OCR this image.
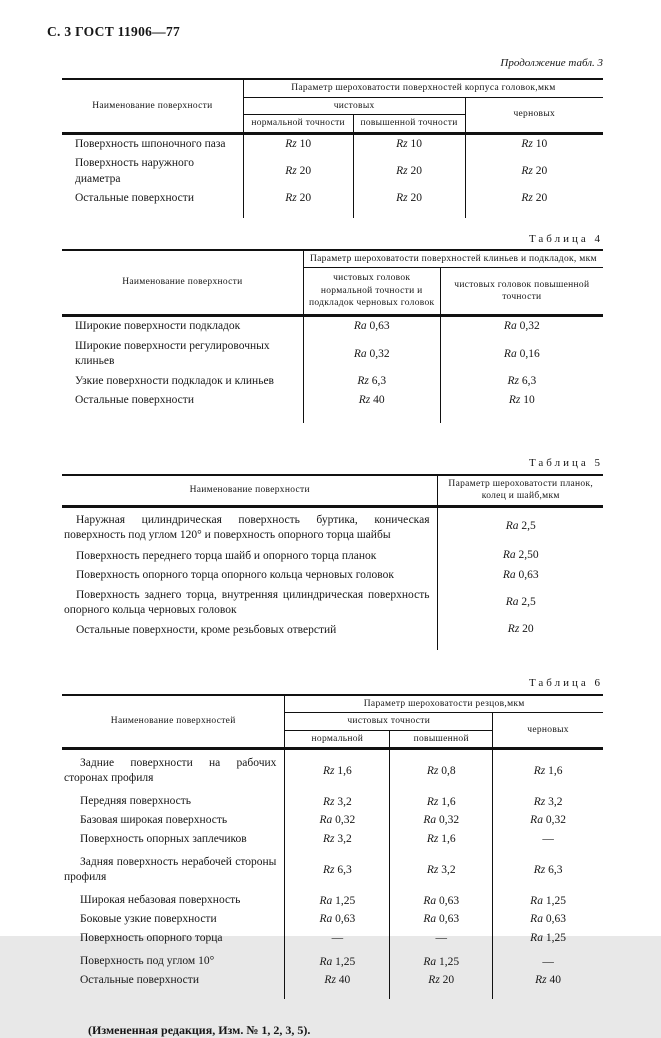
С. 3 ГОСТ 11906—77
Продолжение табл. 3
Наименование поверхности	Параметр шероховатости поверхностей корпуса головок,мкм		
	чистовых		черновых
	нормальной точности	повышенной точности	
Поверхность шпоночного паза	Rz 10	Rz 10	Rz 10
Поверхность наружного диаметра	Rz 20	Rz 20	Rz 20
Остальные поверхности	Rz 20	Rz 20	Rz 20

Таблица 4
Наименование поверхности	Параметр шероховатости поверхностей клиньев и подкладок, мкм	
	чистовых головок нормальной точности и подкладок черновых головок	чистовых головок повышенной точности
Широкие поверхности подкладок	Ra 0,63	Ra 0,32
Широкие поверхности регулировочных клиньев	Ra 0,32	Ra 0,16
Узкие поверхности подкладок и клиньев	Rz 6,3	Rz 6,3
Остальные поверхности	Rz 40	Rz 10

Таблица 5
Наименование поверхности	Параметр шероховатости планок, колец и шайб,мкм
Наружная цилиндрическая поверхность буртика, коническая поверхность под углом 120° и поверхность опорного торца шайбы	Ra 2,5
Поверхность переднего торца шайб и опорного торца планок	Ra 2,50
Поверхность опорного торца опорного кольца черновых головок	Ra 0,63
Поверхность заднего торца, внутренняя цилиндрическая поверхность опорного кольца черновых головок	Ra 2,5
Остальные поверхности, кроме резьбовых отверстий	Rz 20

Таблица 6
Наименование поверхностей	Параметр шероховатости резцов,мкм		
	чистовых точности		черновых
	нормальной	повышенной	
Задние поверхности на рабочих сторонах профиля	Rz 1,6	Rz 0,8	Rz 1,6
Передняя поверхность	Rz 3,2	Rz 1,6	Rz 3,2
Базовая широкая поверхность	Ra 0,32	Ra 0,32	Ra 0,32
Поверхность опорных заплечиков	Rz 3,2	Rz 1,6	—
Задняя поверхность нерабочей стороны профиля	Rz 6,3	Rz 3,2	Rz 6,3
Широкая небазовая поверхность	Ra 1,25	Ra 0,63	Ra 1,25
Боковые узкие поверхности	Ra 0,63	Ra 0,63	Ra 0,63
Поверхность опорного торца	—	—	Ra 1,25
Поверхность под углом 10°	Ra 1,25	Ra 1,25	—
Остальные поверхности	Rz 40	Rz 20	Rz 40

(Измененная редакция, Изм. № 1, 2, 3, 5).
